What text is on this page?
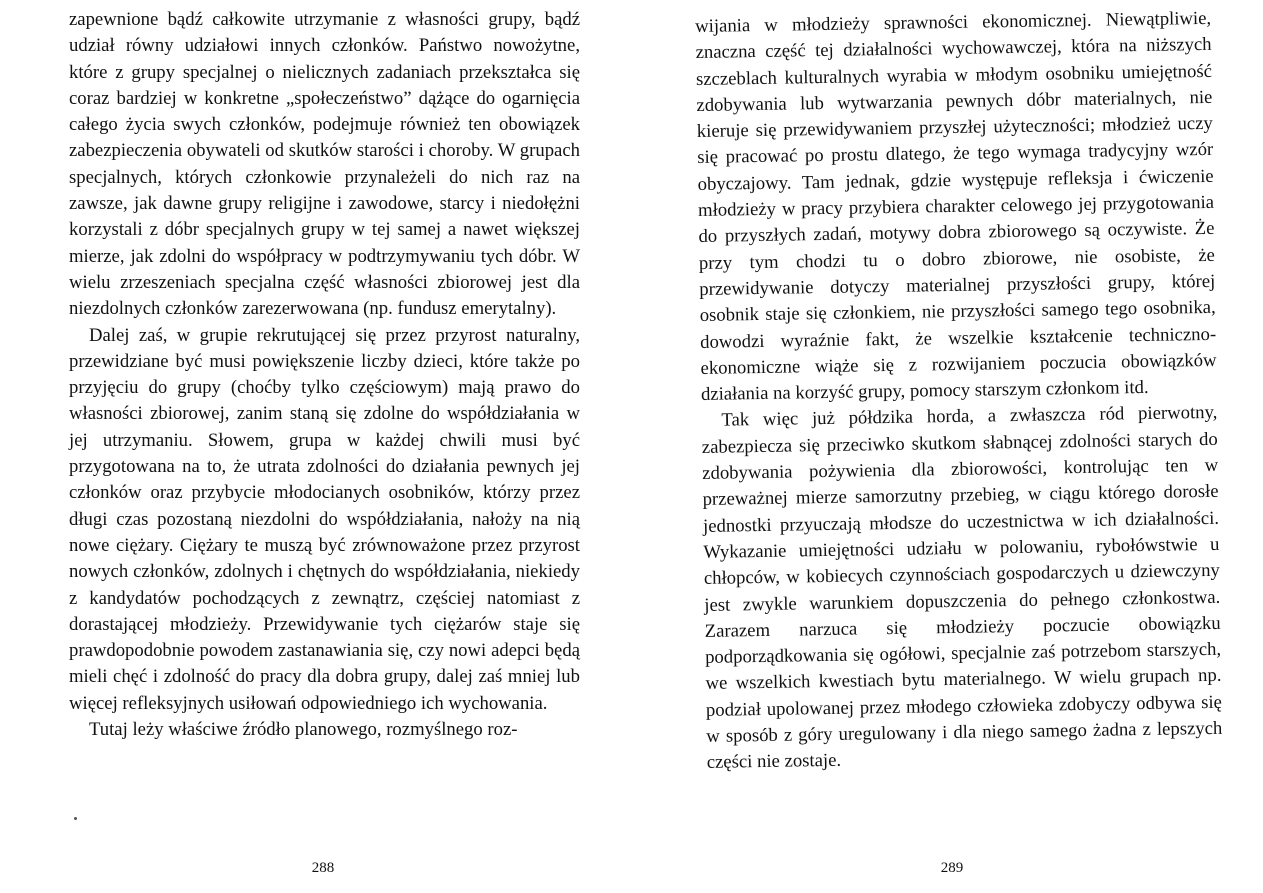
zapewnione bądź całkowite utrzymanie z własności grupy, bądź udział równy udziałowi innych członków. Państwo nowożytne, które z grupy specjalnej o nielicznych zadaniach przekształca się coraz bardziej w konkretne „społeczeństwo” dążące do ogarnięcia całego życia swych członków, podejmuje również ten obowiązek zabezpieczenia obywateli od skutków starości i choroby. W grupach specjalnych, których członkowie przynależeli do nich raz na zawsze, jak dawne grupy religijne i zawodowe, starcy i niedołężni korzystali z dóbr specjalnych grupy w tej samej a nawet większej mierze, jak zdolni do współpracy w podtrzymywaniu tych dóbr. W wielu zrzeszeniach specjalna część własności zbiorowej jest dla niezdolnych członków zarezerwowana (np. fundusz emerytalny).

Dalej zaś, w grupie rekrutującej się przez przyrost naturalny, przewidziane być musi powiększenie liczby dzieci, które także po przyjęciu do grupy (choćby tylko częściowym) mają prawo do własności zbiorowej, zanim staną się zdolne do współdziałania w jej utrzymaniu. Słowem, grupa w każdej chwili musi być przygotowana na to, że utrata zdolności do działania pewnych jej członków oraz przybycie młodocianych osobników, którzy przez długi czas pozostaną niezdolni do współdziałania, nałoży na nią nowe ciężary. Ciężary te muszą być zrównoważone przez przyrost nowych członków, zdolnych i chętnych do współdziałania, niekiedy z kandydatów pochodzących z zewnątrz, częściej natomiast z dorastającej młodzieży. Przewidywanie tych ciężarów staje się prawdopodobnie powodem zastanawiania się, czy nowi adepci będą mieli chęć i zdolność do pracy dla dobra grupy, dalej zaś mniej lub więcej refleksyjnych usiłowań odpowiedniego ich wychowania.

Tutaj leży właściwe źródło planowego, rozmyślnego roz-

288

wijania w młodzieży sprawności ekonomicznej. Niewątpliwie, znaczna część tej działalności wychowawczej, która na niższych szczeblach kulturalnych wyrabia w młodym osobniku umiejętność zdobywania lub wytwarzania pewnych dóbr materialnych, nie kieruje się przewidywaniem przyszłej użyteczności; młodzież uczy się pracować po prostu dlatego, że tego wymaga tradycyjny wzór obyczajowy. Tam jednak, gdzie występuje refleksja i ćwiczenie młodzieży w pracy przybiera charakter celowego jej przygotowania do przyszłych zadań, motywy dobra zbiorowego są oczywiste. Że przy tym chodzi tu o dobro zbiorowe, nie osobiste, że przewidywanie dotyczy materialnej przyszłości grupy, której osobnik staje się członkiem, nie przyszłości samego tego osobnika, dowodzi wyraźnie fakt, że wszelkie kształcenie techniczno-ekonomiczne wiąże się z rozwijaniem poczucia obowiązków działania na korzyść grupy, pomocy starszym członkom itd.

Tak więc już półdzika horda, a zwłaszcza ród pierwotny, zabezpiecza się przeciwko skutkom słabnącej zdolności starych do zdobywania pożywienia dla zbiorowości, kontrolując ten w przeważnej mierze samorzutny przebieg, w ciągu którego dorosłe jednostki przyuczają młodsze do uczestnictwa w ich działalności. Wykazanie umiejętności udziału w polowaniu, rybołówstwie u chłopców, w kobiecych czynnościach gospodarczych u dziewczyny jest zwykle warunkiem dopuszczenia do pełnego członkostwa. Zarazem narzuca się młodzieży poczucie obowiązku podporządkowania się ogółowi, specjalnie zaś potrzebom starszych, we wszelkich kwestiach bytu materialnego. W wielu grupach np. podział upolowanej przez młodego człowieka zdobyczy odbywa się w sposób z góry uregulowany i dla niego samego żadna z lepszych części nie zostaje.

289
